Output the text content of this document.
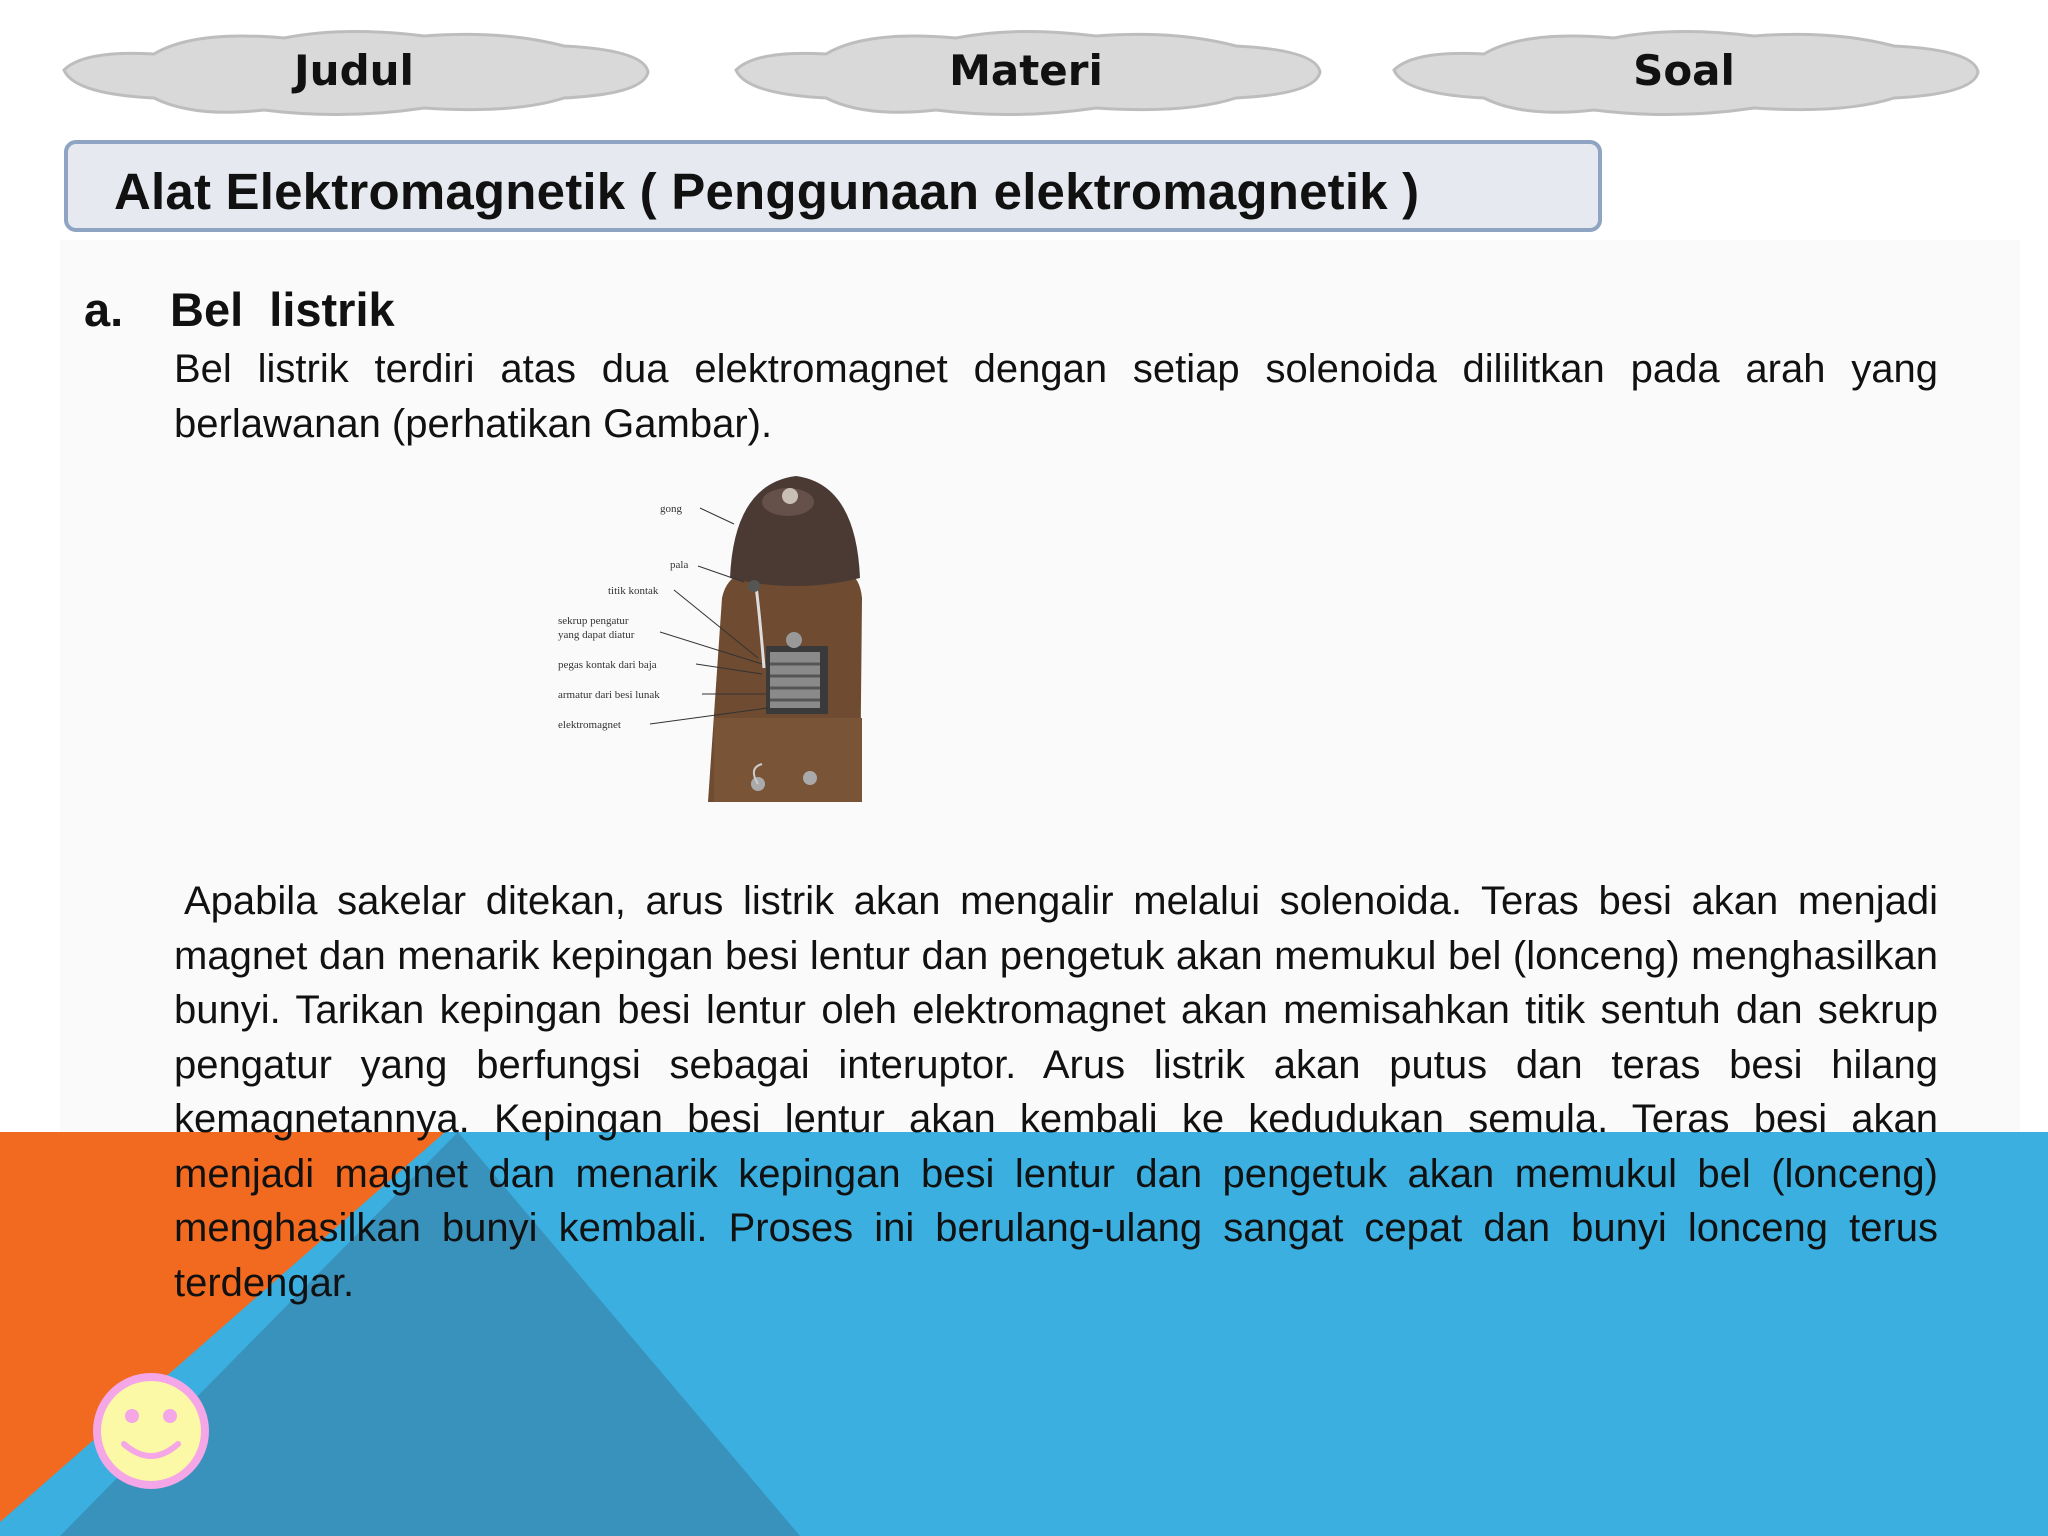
Judul	Materi	Soal
Alat Elektromagnetik ( Penggunaan elektromagnetik )
a. Bel  listrik

Bel listrik terdiri atas dua elektromagnet dengan setiap solenoida dililitkan pada arah yang berlawanan (perhatikan Gambar).

gong
pala
titik kontak
sekrup pengatur
yang dapat diatur
pegas kontak dari baja
armatur dari besi lunak
elektromagnet

Apabila sakelar ditekan, arus listrik akan mengalir melalui solenoida. Teras besi akan menjadi magnet dan menarik kepingan besi lentur dan pengetuk akan memukul bel (lonceng) menghasilkan bunyi. Tarikan kepingan besi lentur oleh elektromagnet akan memisahkan titik sentuh dan sekrup pengatur yang berfungsi sebagai interuptor. Arus listrik akan putus dan teras besi hilang kemagnetannya. Kepingan besi lentur akan kembali ke kedudukan semula. Teras besi akan menjadi magnet dan menarik kepingan besi lentur dan pengetuk akan memukul bel (lonceng) menghasilkan bunyi kembali. Proses ini berulang-ulang sangat cepat dan bunyi lonceng terus terdengar.
